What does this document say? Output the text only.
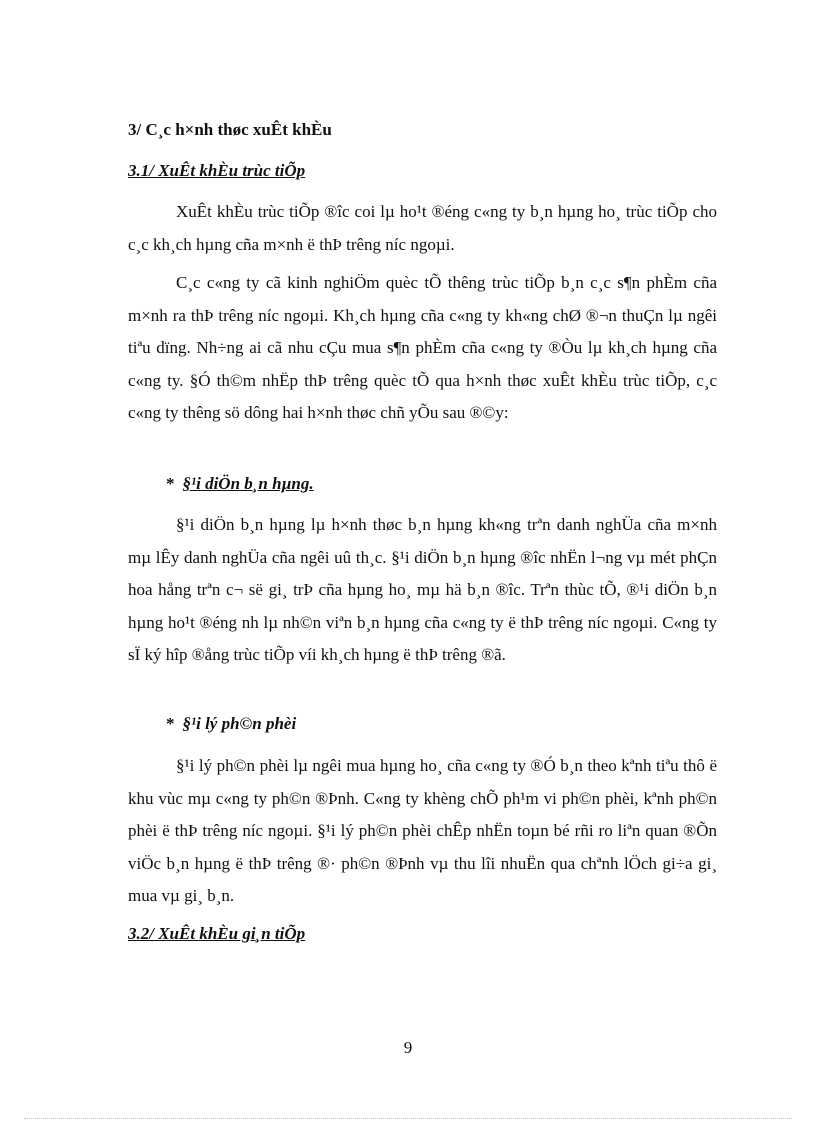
3/ C¸c h×nh thøc xuÊt khÈu
3.1/ XuÊt khÈu trùc tiÕp

XuÊt khÈu trùc tiÕp ®îc coi lµ ho¹t ®éng c«ng ty b¸n hµng ho¸ trùc tiÕp cho c¸c kh¸ch hµng cña m×nh ë thÞ trêng níc ngoµi.

C¸c c«ng ty cã kinh nghiÖm quèc tÕ thêng trùc tiÕp b¸n c¸c s¶n phÈm cña m×nh ra thÞ trêng níc ngoµi. Kh¸ch hµng cña c«ng ty kh«ng chØ ®¬n thuÇn lµ ngêi tiªu dïng. Nh÷ng ai cã nhu cÇu mua s¶n phÈm cña c«ng ty ®Òu lµ kh¸ch hµng cña c«ng ty. §Ó th©m nhËp thÞ trêng quèc tÕ qua h×nh thøc xuÊt khÈu trùc tiÕp, c¸c c«ng ty thêng sö dông hai h×nh thøc chñ yÕu sau ®©y:

* §¹i diÖn b¸n hµng.

§¹i diÖn b¸n hµng lµ h×nh thøc b¸n hµng kh«ng trªn danh nghÜa cña m×nh mµ lÊy danh nghÜa cña ngêi uû th¸c. §¹i diÖn b¸n hµng ®îc nhËn l¬ng vµ mét phÇn hoa hång trªn c¬ së gi¸ trÞ cña hµng ho¸ mµ hä b¸n ®îc. Trªn thùc tÕ, ®¹i diÖn b¸n hµng ho¹t ®éng nh lµ nh©n viªn b¸n hµng cña c«ng ty ë thÞ trêng níc ngoµi. C«ng ty sÏ ký hîp ®ång trùc tiÕp víi kh¸ch hµng ë thÞ trêng ®ã.

* §¹i lý ph©n phèi

§¹i lý ph©n phèi lµ ngêi mua hµng ho¸ cña c«ng ty ®Ó b¸n theo kªnh tiªu thô ë khu vùc mµ c«ng ty ph©n ®Þnh. C«ng ty khèng chÕ ph¹m vi ph©n phèi, kªnh ph©n phèi ë thÞ trêng níc ngoµi. §¹i lý ph©n phèi chÊp nhËn toµn bé rñi ro liªn quan ®Õn viÖc b¸n hµng ë thÞ trêng ®· ph©n ®Þnh vµ thu lîi nhuËn qua chªnh lÖch gi÷a gi¸ mua vµ gi¸ b¸n.

3.2/ XuÊt khÈu gi¸n tiÕp
9
